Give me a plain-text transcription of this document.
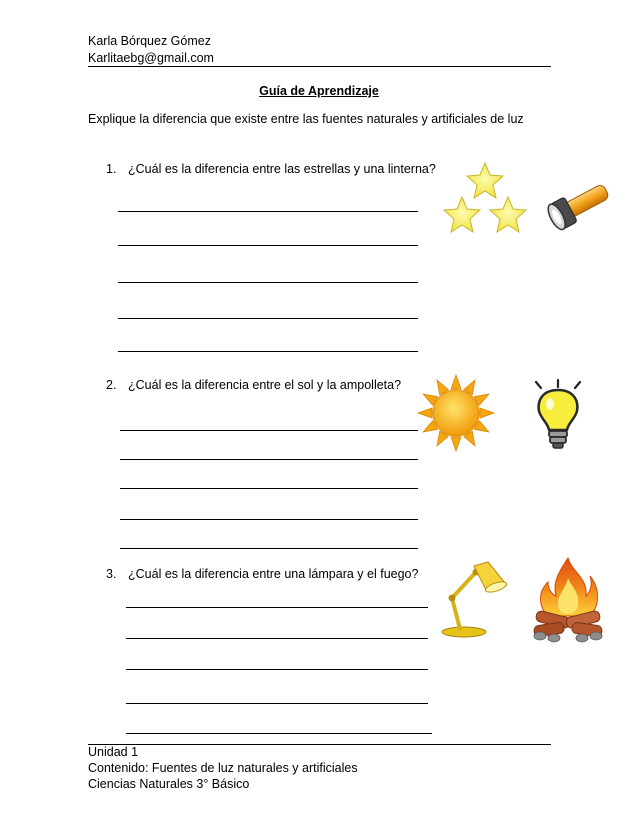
Karla Bórquez Gómez
Karlitaebg@gmail.com
Guía de Aprendizaje
Explique la diferencia que existe entre las fuentes naturales y artificiales de luz
1. ¿Cuál es la diferencia entre las estrellas y una linterna?
2. ¿Cuál es la diferencia entre el sol y la ampolleta?
3. ¿Cuál es la diferencia entre una lámpara y el fuego?
Unidad 1
Contenido: Fuentes de luz naturales y artificiales
Ciencias Naturales 3° Básico
